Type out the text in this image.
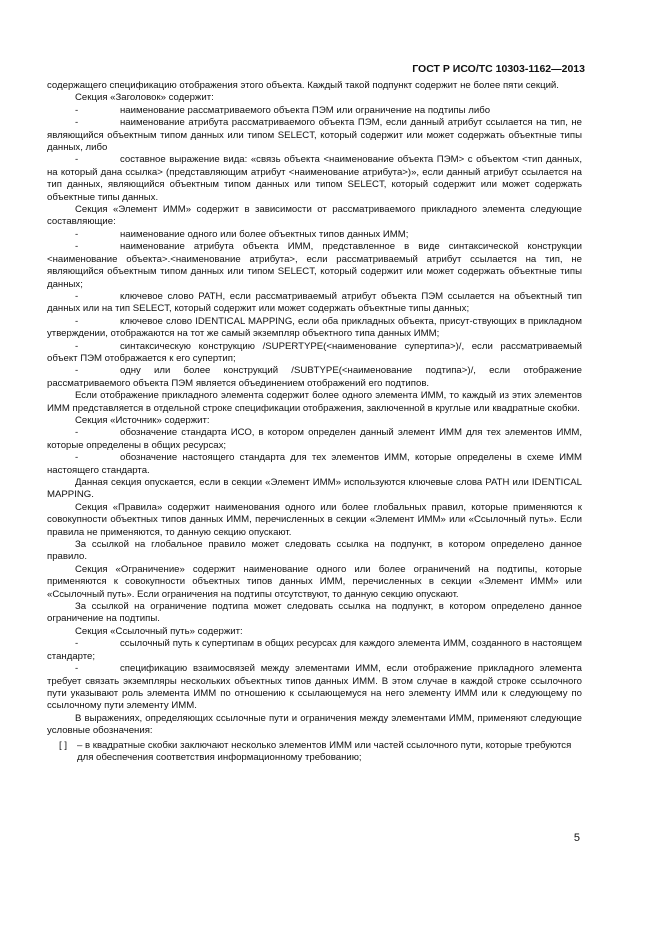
ГОСТ Р ИСО/ТС 10303-1162—2013

содержащего спецификацию отображения этого объекта. Каждый такой подпункт содержит не более пяти секций.

Секция «Заголовок» содержит:

-	наименование рассматриваемого объекта ПЭМ или ограничение на подтипы либо

-	наименование атрибута рассматриваемого объекта ПЭМ, если данный атрибут ссылается на тип, не являющийся объектным типом данных или типом SELECT, который содержит или может содержать объектные типы данных, либо

-	составное выражение вида: «связь объекта <наименование объекта ПЭМ> с объектом <тип данных, на который дана ссылка> (представляющим атрибут <наименование атрибута>)», если данный атрибут ссылается на тип данных, являющийся объектным типом данных или типом SELECT, который содержит или может содержать объектные типы данных.

Секция «Элемент ИММ» содержит в зависимости от рассматриваемого прикладного элемента следующие составляющие:

-	наименование одного или более объектных типов данных ИММ;

-	наименование атрибута объекта ИММ, представленное в виде синтаксической конструкции <наименование объекта>.<наименование атрибута>, если рассматриваемый атрибут ссылается на тип, не являющийся объектным типом данных или типом SELECT, который содержит или может содержать объектные типы данных;

-	ключевое слово PATH, если рассматриваемый атрибут объекта ПЭМ ссылается на объектный тип данных или на тип SELECT, который содержит или может содержать объектные типы данных;

-	ключевое слово IDENTICAL MAPPING, если оба прикладных объекта, присут-ствующих в прикладном утверждении, отображаются на тот же самый экземпляр объектного типа данных ИММ;

-	синтаксическую конструкцию /SUPERTYPE(<наименование супертипа>)/, если рассматриваемый объект ПЭМ отображается к его супертип;

-	одну или более конструкций /SUBTYPE(<наименование подтипа>)/, если отображение рассматриваемого объекта ПЭМ является объединением отображений его подтипов.

Если отображение прикладного элемента содержит более одного элемента ИММ, то каждый из этих элементов ИММ представляется в отдельной строке спецификации отображения, заключенной в круглые или квадратные скобки.

Секция «Источник» содержит:

-	обозначение стандарта ИСО, в котором определен данный элемент ИММ для тех элементов ИММ, которые определены в общих ресурсах;

-	обозначение настоящего стандарта для тех элементов ИММ, которые определены в схеме ИММ настоящего стандарта.

Данная секция опускается, если в секции «Элемент ИММ» используются ключевые слова PATH или IDENTICAL MAPPING.

Секция «Правила» содержит наименования одного или более глобальных правил, которые применяются к совокупности объектных типов данных ИММ, перечисленных в секции «Элемент ИММ» или «Ссылочный путь». Если правила не применяются, то данную секцию опускают.

За ссылкой на глобальное правило может следовать ссылка на подпункт, в котором определено данное правило.

Секция «Ограничение» содержит наименование одного или более ограничений на подтипы, которые применяются к совокупности объектных типов данных ИММ, перечисленных в секции «Элемент ИММ» или «Ссылочный путь». Если ограничения на подтипы отсутствуют, то данную секцию опускают.

За ссылкой на ограничение подтипа может следовать ссылка на подпункт, в котором определено данное ограничение на подтипы.

Секция «Ссылочный путь» содержит:

-	ссылочный путь к супертипам в общих ресурсах для каждого элемента ИММ, созданного в настоящем стандарте;

-	спецификацию взаимосвязей между элементами ИММ, если отображение прикладного элемента требует связать экземпляры нескольких объектных типов данных ИММ. В этом случае в каждой строке ссылочного пути указывают роль элемента ИММ по отношению к ссылающемуся на него элементу ИММ или к следующему по ссылочному пути элементу ИММ.

В выражениях, определяющих ссылочные пути и ограничения между элементами ИММ, применяют следующие условные обозначения:

[ ]	– в квадратные скобки заключают несколько элементов ИММ или частей ссылочного пути, которые требуются для обеспечения соответствия информационному требованию;
5
